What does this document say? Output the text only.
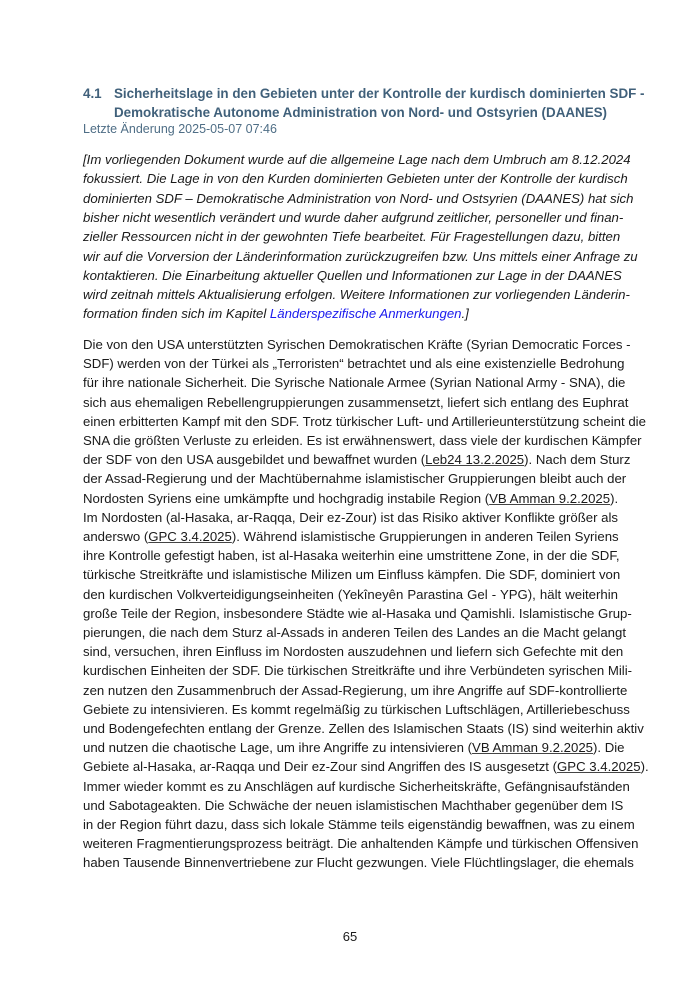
4.1 Sicherheitslage in den Gebieten unter der Kontrolle der kurdisch dominierten SDF -
Demokratische Autonome Administration von Nord- und Ostsyrien (DAANES)
Letzte Änderung 2025-05-07 07:46
[Im vorliegenden Dokument wurde auf die allgemeine Lage nach dem Umbruch am 8.12.2024
fokussiert. Die Lage in von den Kurden dominierten Gebieten unter der Kontrolle der kurdisch
dominierten SDF – Demokratische Administration von Nord- und Ostsyrien (DAANES) hat sich
bisher nicht wesentlich verändert und wurde daher aufgrund zeitlicher, personeller und finan-
zieller Ressourcen nicht in der gewohnten Tiefe bearbeitet. Für Fragestellungen dazu, bitten
wir auf die Vorversion der Länderinformation zurückzugreifen bzw. Uns mittels einer Anfrage zu
kontaktieren. Die Einarbeitung aktueller Quellen und Informationen zur Lage in der DAANES
wird zeitnah mittels Aktualisierung erfolgen. Weitere Informationen zur vorliegenden Länderin-
formation finden sich im Kapitel Länderspezifische Anmerkungen.]
Die von den USA unterstützten Syrischen Demokratischen Kräfte (Syrian Democratic Forces -
SDF) werden von der Türkei als „Terroristen“ betrachtet und als eine existenzielle Bedrohung
für ihre nationale Sicherheit. Die Syrische Nationale Armee (Syrian National Army - SNA), die
sich aus ehemaligen Rebellengruppierungen zusammensetzt, liefert sich entlang des Euphrat
einen erbitterten Kampf mit den SDF. Trotz türkischer Luft- und Artillerieunterstützung scheint die
SNA die größten Verluste zu erleiden. Es ist erwähnenswert, dass viele der kurdischen Kämpfer
der SDF von den USA ausgebildet und bewaffnet wurden (Leb24 13.2.2025). Nach dem Sturz
der Assad-Regierung und der Machtübernahme islamistischer Gruppierungen bleibt auch der
Nordosten Syriens eine umkämpfte und hochgradig instabile Region (VB Amman 9.2.2025).
Im Nordosten (al-Hasaka, ar-Raqqa, Deir ez-Zour) ist das Risiko aktiver Konflikte größer als
anderswo (GPC 3.4.2025). Während islamistische Gruppierungen in anderen Teilen Syriens
ihre Kontrolle gefestigt haben, ist al-Hasaka weiterhin eine umstrittene Zone, in der die SDF,
türkische Streitkräfte und islamistische Milizen um Einfluss kämpfen. Die SDF, dominiert von
den kurdischen Volkverteidigungseinheiten (Yekîneyên Parastina Gel - YPG), hält weiterhin
große Teile der Region, insbesondere Städte wie al-Hasaka und Qamishli. Islamistische Grup-
pierungen, die nach dem Sturz al-Assads in anderen Teilen des Landes an die Macht gelangt
sind, versuchen, ihren Einfluss im Nordosten auszudehnen und liefern sich Gefechte mit den
kurdischen Einheiten der SDF. Die türkischen Streitkräfte und ihre Verbündeten syrischen Mili-
zen nutzen den Zusammenbruch der Assad-Regierung, um ihre Angriffe auf SDF-kontrollierte
Gebiete zu intensivieren. Es kommt regelmäßig zu türkischen Luftschlägen, Artilleriebeschuss
und Bodengefechten entlang der Grenze. Zellen des Islamischen Staats (IS) sind weiterhin aktiv
und nutzen die chaotische Lage, um ihre Angriffe zu intensivieren (VB Amman 9.2.2025). Die
Gebiete al-Hasaka, ar-Raqqa und Deir ez-Zour sind Angriffen des IS ausgesetzt (GPC 3.4.2025).
Immer wieder kommt es zu Anschlägen auf kurdische Sicherheitskräfte, Gefängnisaufständen
und Sabotageakten. Die Schwäche der neuen islamistischen Machthaber gegenüber dem IS
in der Region führt dazu, dass sich lokale Stämme teils eigenständig bewaffnen, was zu einem
weiteren Fragmentierungsprozess beiträgt. Die anhaltenden Kämpfe und türkischen Offensiven
haben Tausende Binnenvertriebene zur Flucht gezwungen. Viele Flüchtlingslager, die ehemals
65
